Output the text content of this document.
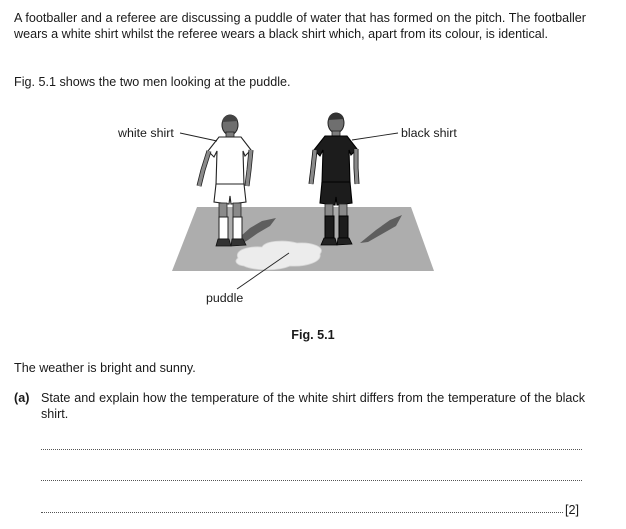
A footballer and a referee are discussing a puddle of water that has formed on the pitch. The footballer wears a white shirt whilst the referee wears a black shirt which, apart from its colour, is identical.

Fig. 5.1 shows the two men looking at the puddle.

white shirt	black shirt
puddle

Fig. 5.1

The weather is bright and sunny.

(a) State and explain how the temperature of the white shirt differs from the temperature of the black shirt.

[2]
